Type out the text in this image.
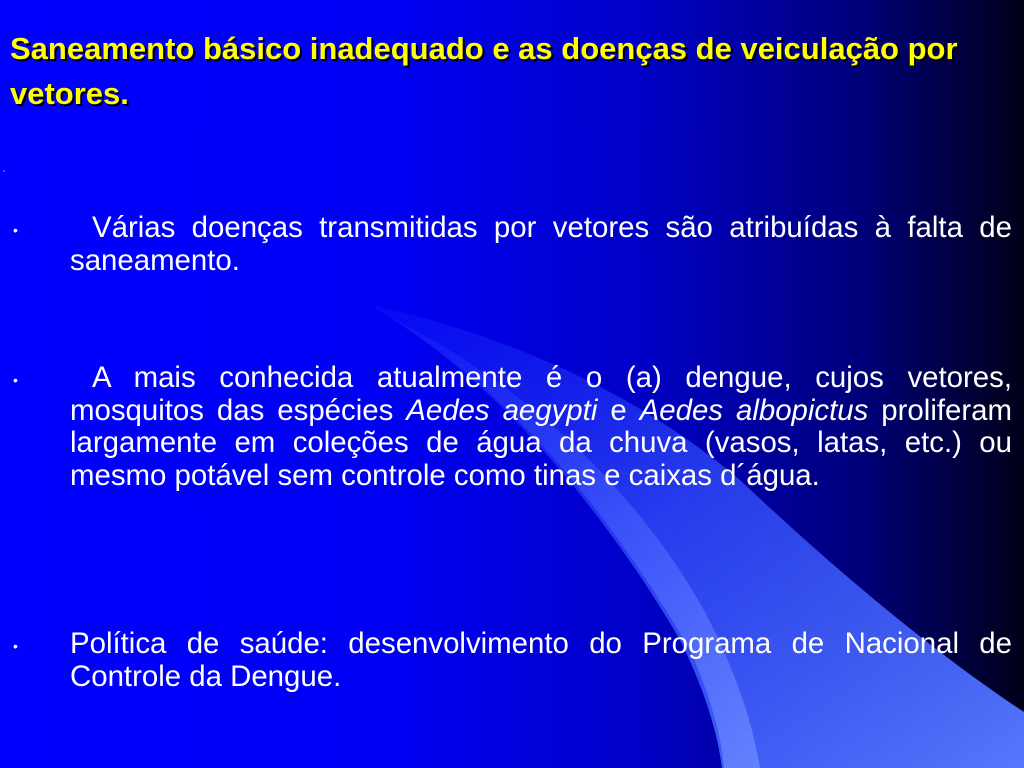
Saneamento básico inadequado e as doenças de veiculação por vetores.
•	Várias doenças transmitidas por vetores são atribuídas à falta de saneamento.
•	A mais conhecida atualmente é o (a) dengue, cujos vetores, mosquitos das espécies Aedes aegypti e Aedes albopictus proliferam largamente em coleções de água da chuva (vasos, latas, etc.) ou mesmo potável sem controle como tinas e caixas d´água.
• Política de saúde: desenvolvimento do Programa de Nacional de Controle da Dengue.
